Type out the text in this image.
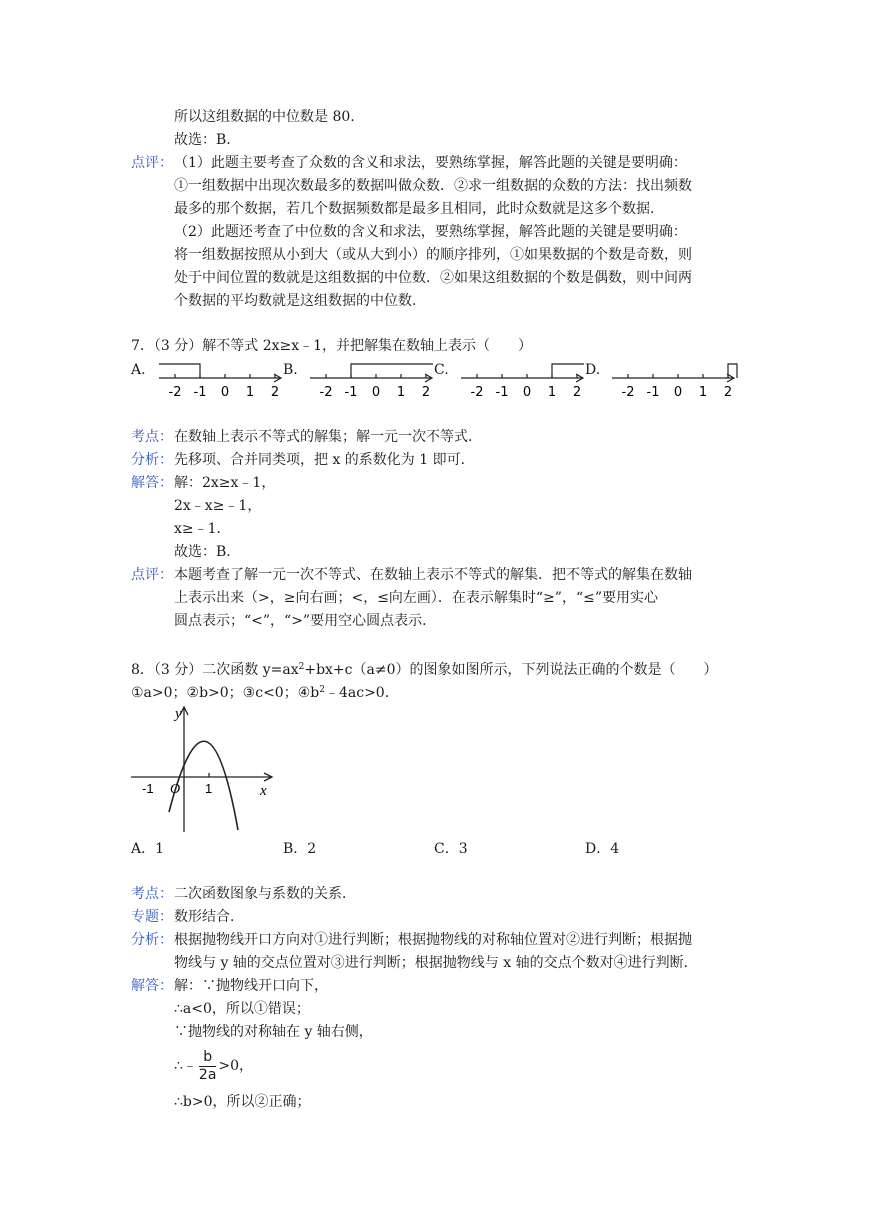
所以这组数据的中位数是 80.
故选：B.
点评： （1）此题主要考查了众数的含义和求法，要熟练掌握，解答此题的关键是要明确：
①一组数据中出现次数最多的数据叫做众数．②求一组数据的众数的方法：找出频数
最多的那个数据，若几个数据频数都是最多且相同，此时众数就是这多个数据．
（2）此题还考查了中位数的含义和求法，要熟练掌握，解答此题的关键是要明确：
将一组数据按照从小到大（或从大到小）的顺序排列，①如果数据的个数是奇数，则
处于中间位置的数就是这组数据的中位数．②如果这组数据的个数是偶数，则中间两
个数据的平均数就是这组数据的中位数．
7．（3 分）解不等式 2x≥x﹣1，并把解集在数轴上表示（　　）
A.
-2 -1 0 1 2
B.
-2 -1 0 1 2
C.
-2 -1 0 1 2
D.
-2 -1 0 1 2
考点： 在数轴上表示不等式的解集；解一元一次不等式．
分析： 先移项、合并同类项，把 x 的系数化为 1 即可．
解答： 解：2x≥x﹣1，
2x﹣x≥﹣1，
x≥﹣1．
故选：B．
点评： 本题考查了解一元一次不等式、在数轴上表示不等式的解集．把不等式的解集在数轴
上表示出来（>，≥向右画；<，≤向左画）．在表示解集时“≥”，“≤”要用实心
圆点表示；“<”，“>”要用空心圆点表示．
8．（3 分）二次函数 $y=ax^2+bx+c(a\ne 0)$的图象如图所示，下列说法正确的个数是（　　）
①a>0；②b>0；③c<0；$④b^2﹣4ac>0$．
y
x
O
-1	1
A．1	B．2	C．3	D．4
考点： 二次函数图象与系数的关系．
专题： 数形结合．
分析： 根据抛物线开口方向对①进行判断；根据抛物线的对称轴位置对②进行判断；根据抛
物线与 y 轴的交点位置对③进行判断；根据抛物线与 x 轴的交点个数对④进行判断．
解答： 解：∵抛物线开口向下，
∴a<0，所以①错误；
∵抛物线的对称轴在 y 轴右侧，
∴﹣ $\frac{b}{2a} >0$，
∴b>0，所以②正确；
